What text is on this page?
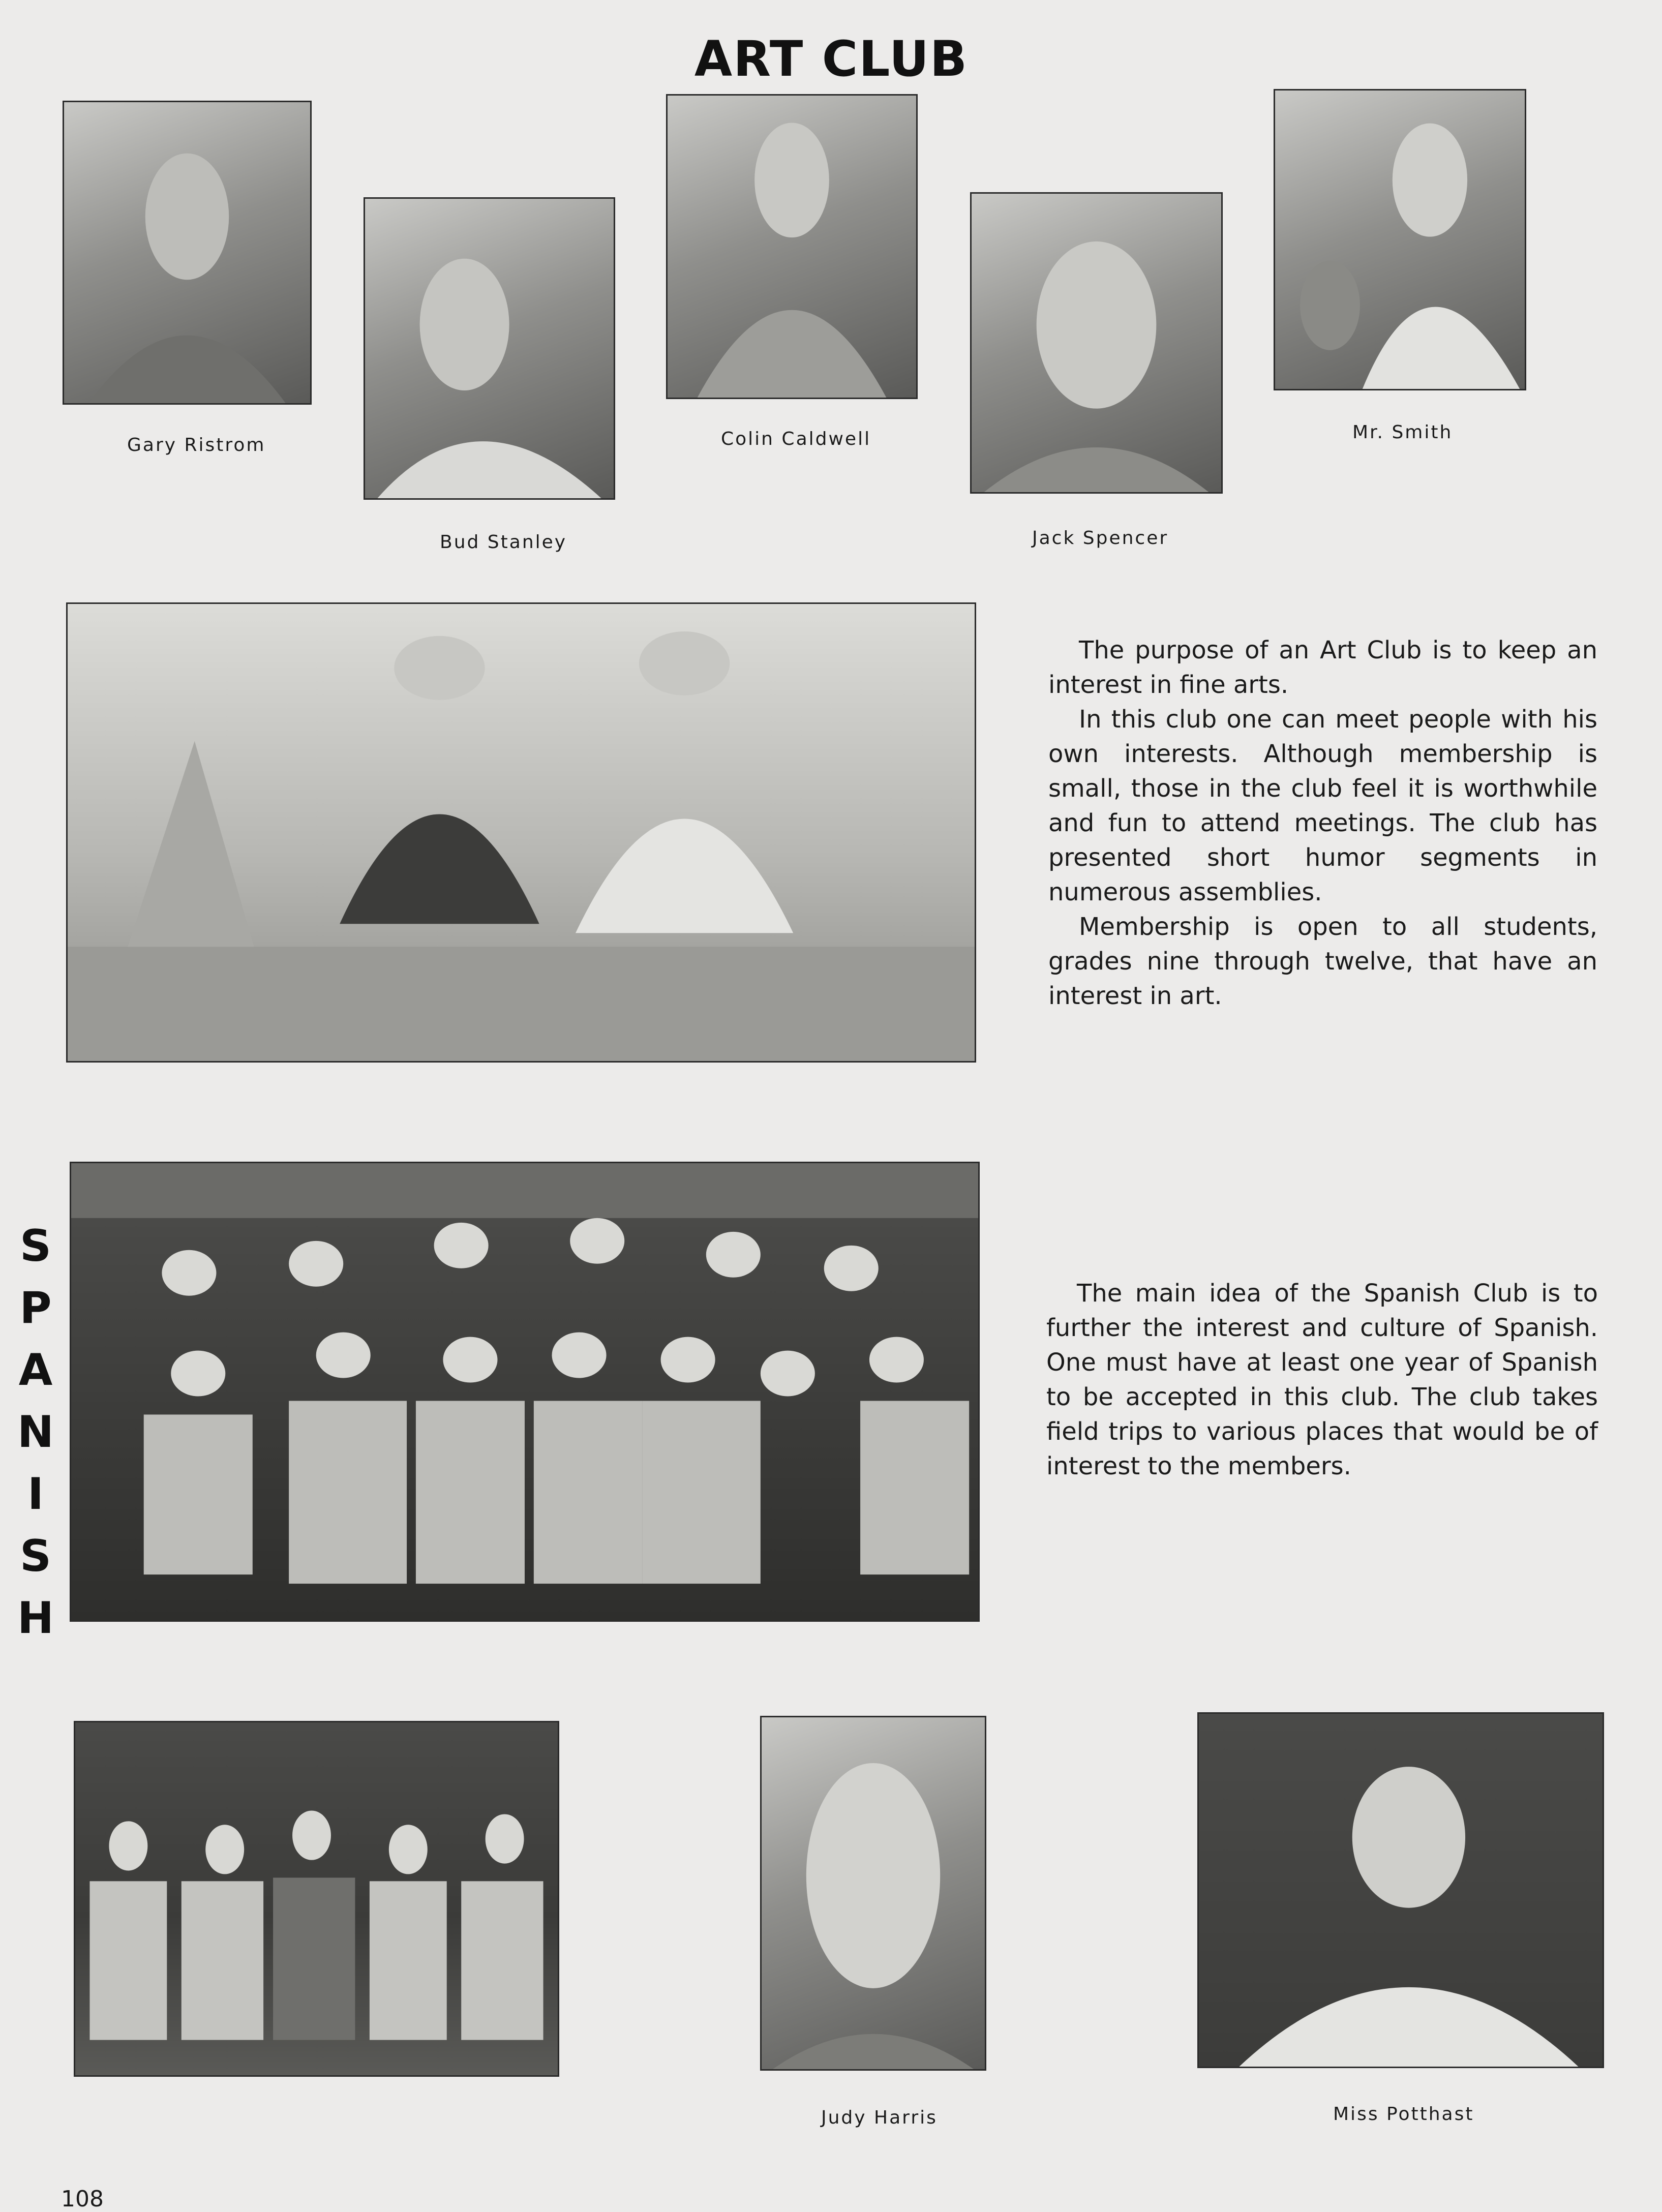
ART CLUB
Gary Ristrom
Bud Stanley
Colin Caldwell
Jack Spencer
Mr. Smith

The purpose of an Art Club is to keep an interest in fine arts.

In this club one can meet people with his own interests. Although membership is small, those in the club feel it is worthwhile and fun to attend meetings. The club has presented short humor segments in numerous assemblies.

Membership is open to all students, grades nine through twelve, that have an interest in art.

S
P
A
N
I
S
H

The main idea of the Spanish Club is to further the interest and culture of Spanish. One must have at least one year of Spanish to be accepted in this club. The club takes field trips to various places that would be of interest to the members.

Judy Harris	Miss Potthast
108
